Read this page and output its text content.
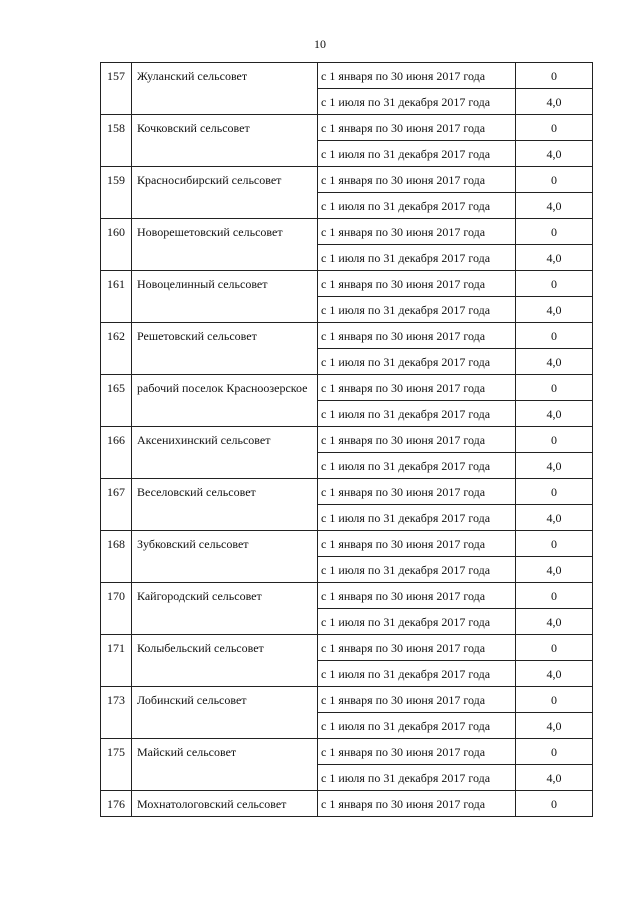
10
157	Жуланский сельсовет	с 1 января по 30 июня 2017 года	0
		с 1 июля по 31 декабря 2017 года	4,0
158	Кочковский сельсовет	с 1 января по 30 июня 2017 года	0
		с 1 июля по 31 декабря 2017 года	4,0
159	Красносибирский сельсовет	с 1 января по 30 июня 2017 года	0
		с 1 июля по 31 декабря 2017 года	4,0
160	Новорешетовский сельсовет	с 1 января по 30 июня 2017 года	0
		с 1 июля по 31 декабря 2017 года	4,0
161	Новоцелинный сельсовет	с 1 января по 30 июня 2017 года	0
		с 1 июля по 31 декабря 2017 года	4,0
162	Решетовский сельсовет	с 1 января по 30 июня 2017 года	0
		с 1 июля по 31 декабря 2017 года	4,0
165	рабочий поселок Красноозерское	с 1 января по 30 июня 2017 года	0
		с 1 июля по 31 декабря 2017 года	4,0
166	Аксенихинский сельсовет	с 1 января по 30 июня 2017 года	0
		с 1 июля по 31 декабря 2017 года	4,0
167	Веселовский сельсовет	с 1 января по 30 июня 2017 года	0
		с 1 июля по 31 декабря 2017 года	4,0
168	Зубковский сельсовет	с 1 января по 30 июня 2017 года	0
		с 1 июля по 31 декабря 2017 года	4,0
170	Кайгородский сельсовет	с 1 января по 30 июня 2017 года	0
		с 1 июля по 31 декабря 2017 года	4,0
171	Колыбельский сельсовет	с 1 января по 30 июня 2017 года	0
		с 1 июля по 31 декабря 2017 года	4,0
173	Лобинский сельсовет	с 1 января по 30 июня 2017 года	0
		с 1 июля по 31 декабря 2017 года	4,0
175	Майский сельсовет	с 1 января по 30 июня 2017 года	0
		с 1 июля по 31 декабря 2017 года	4,0
176	Мохнатологовский сельсовет	с 1 января по 30 июня 2017 года	0
